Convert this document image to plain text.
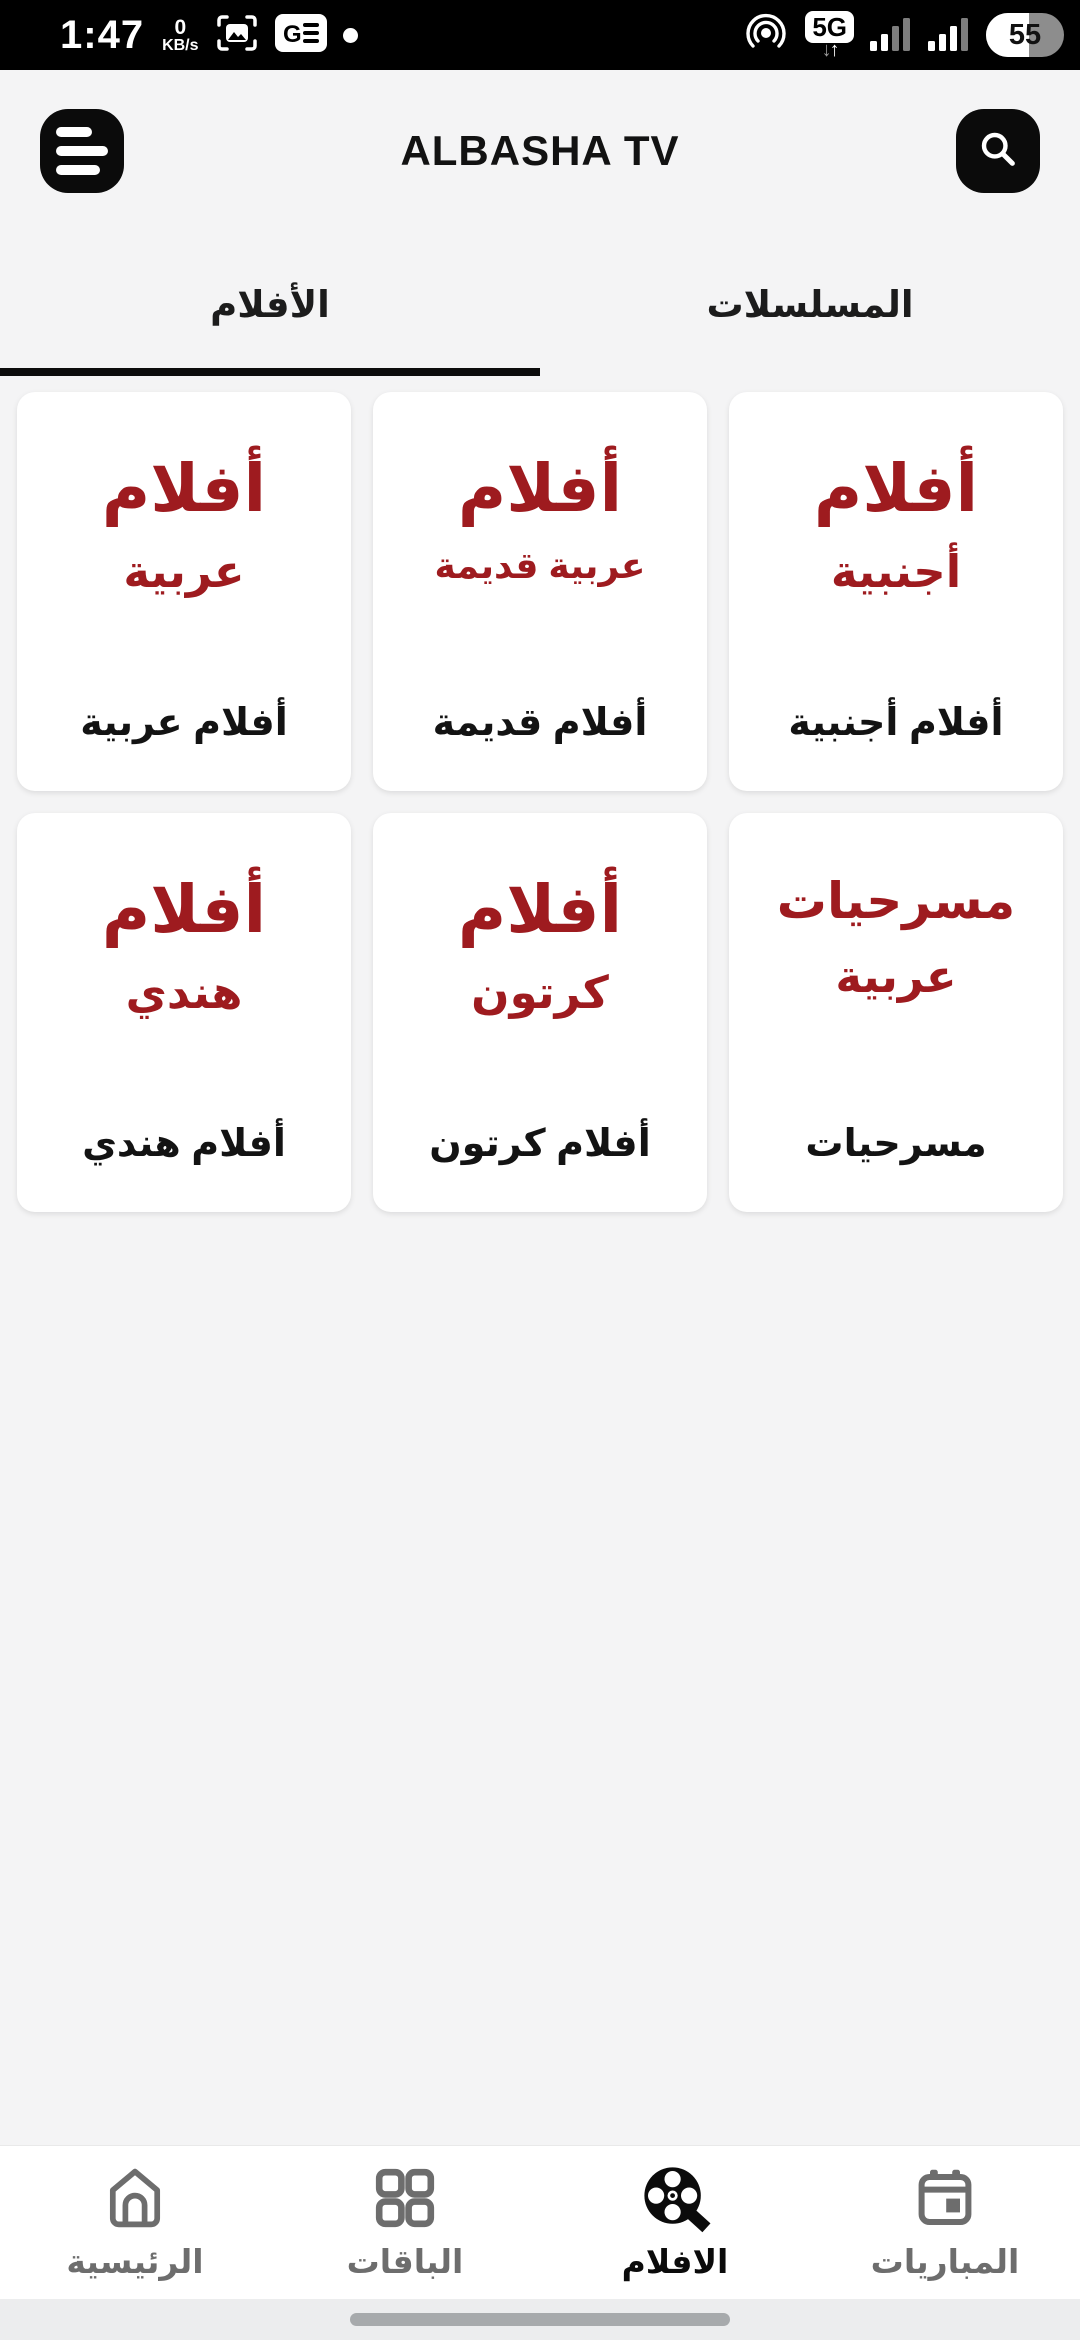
1:47 0
KB/s	G	5G
↓↑	55
ALBASHA TV
الأفلام	المسلسلات
أفلام
عربية
أفلام عربية
أفلام
عربية قديمة
أفلام قديمة
أفلام
أجنبية
أفلام أجنبية
أفلام
هندي
أفلام هندي
أفلام
كرتون
أفلام كرتون
مسرحيات
عربية
مسرحيات
الرئيسية	الباقات	الافلام	المباريات
